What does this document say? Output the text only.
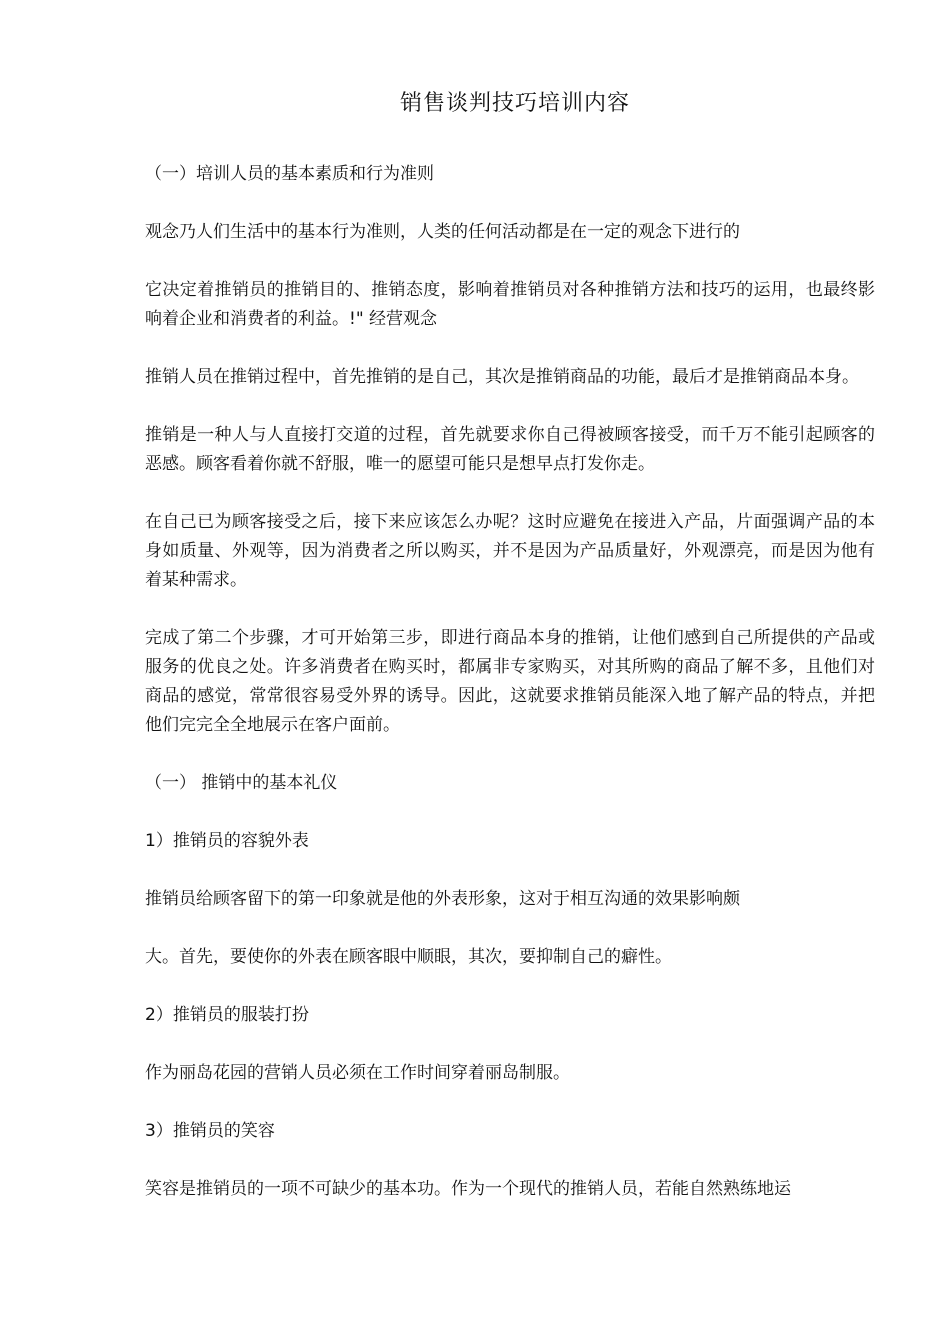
销售谈判技巧培训内容

（一）培训人员的基本素质和行为准则

观念乃人们生活中的基本行为准则，人类的任何活动都是在一定的观念下进行的

它决定着推销员的推销目的、推销态度，影响着推销员对各种推销方法和技巧的运用，也最终影响着企业和消费者的利益。!" 经营观念

推销人员在推销过程中，首先推销的是自己，其次是推销商品的功能，最后才是推销商品本身。

推销是一种人与人直接打交道的过程，首先就要求你自己得被顾客接受，而千万不能引起顾客的恶感。顾客看着你就不舒服，唯一的愿望可能只是想早点打发你走。

在自己已为顾客接受之后，接下来应该怎么办呢？这时应避免在接进入产品，片面强调产品的本身如质量、外观等，因为消费者之所以购买，并不是因为产品质量好，外观漂亮，而是因为他有着某种需求。

完成了第二个步骤，才可开始第三步，即进行商品本身的推销，让他们感到自己所提供的产品或服务的优良之处。许多消费者在购买时，都属非专家购买，对其所购的商品了解不多，且他们对商品的感觉，常常很容易受外界的诱导。因此，这就要求推销员能深入地了解产品的特点，并把他们完完全全地展示在客户面前。

（一） 推销中的基本礼仪

1）推销员的容貌外表

推销员给顾客留下的第一印象就是他的外表形象，这对于相互沟通的效果影响颇

大。首先，要使你的外表在顾客眼中顺眼，其次，要抑制自己的癖性。

2）推销员的服装打扮

作为丽岛花园的营销人员必须在工作时间穿着丽岛制服。

3）推销员的笑容

笑容是推销员的一项不可缺少的基本功。作为一个现代的推销人员，若能自然熟练地运
